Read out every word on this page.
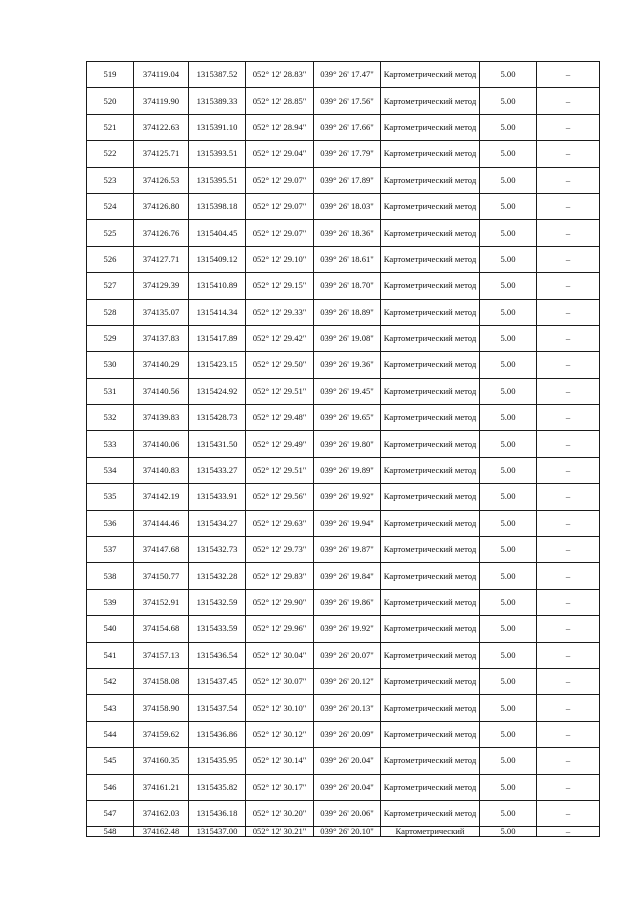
519	374119.04	1315387.52	052° 12' 28.83"	039° 26' 17.47"	Картометрический метод	5.00	–
520	374119.90	1315389.33	052° 12' 28.85"	039° 26' 17.56"	Картометрический метод	5.00	–
521	374122.63	1315391.10	052° 12' 28.94"	039° 26' 17.66"	Картометрический метод	5.00	–
522	374125.71	1315393.51	052° 12' 29.04"	039° 26' 17.79"	Картометрический метод	5.00	–
523	374126.53	1315395.51	052° 12' 29.07"	039° 26' 17.89"	Картометрический метод	5.00	–
524	374126.80	1315398.18	052° 12' 29.07"	039° 26' 18.03"	Картометрический метод	5.00	–
525	374126.76	1315404.45	052° 12' 29.07"	039° 26' 18.36"	Картометрический метод	5.00	–
526	374127.71	1315409.12	052° 12' 29.10"	039° 26' 18.61"	Картометрический метод	5.00	–
527	374129.39	1315410.89	052° 12' 29.15"	039° 26' 18.70"	Картометрический метод	5.00	–
528	374135.07	1315414.34	052° 12' 29.33"	039° 26' 18.89"	Картометрический метод	5.00	–
529	374137.83	1315417.89	052° 12' 29.42"	039° 26' 19.08"	Картометрический метод	5.00	–
530	374140.29	1315423.15	052° 12' 29.50"	039° 26' 19.36"	Картометрический метод	5.00	–
531	374140.56	1315424.92	052° 12' 29.51"	039° 26' 19.45"	Картометрический метод	5.00	–
532	374139.83	1315428.73	052° 12' 29.48"	039° 26' 19.65"	Картометрический метод	5.00	–
533	374140.06	1315431.50	052° 12' 29.49"	039° 26' 19.80"	Картометрический метод	5.00	–
534	374140.83	1315433.27	052° 12' 29.51"	039° 26' 19.89"	Картометрический метод	5.00	–
535	374142.19	1315433.91	052° 12' 29.56"	039° 26' 19.92"	Картометрический метод	5.00	–
536	374144.46	1315434.27	052° 12' 29.63"	039° 26' 19.94"	Картометрический метод	5.00	–
537	374147.68	1315432.73	052° 12' 29.73"	039° 26' 19.87"	Картометрический метод	5.00	–
538	374150.77	1315432.28	052° 12' 29.83"	039° 26' 19.84"	Картометрический метод	5.00	–
539	374152.91	1315432.59	052° 12' 29.90"	039° 26' 19.86"	Картометрический метод	5.00	–
540	374154.68	1315433.59	052° 12' 29.96"	039° 26' 19.92"	Картометрический метод	5.00	–
541	374157.13	1315436.54	052° 12' 30.04"	039° 26' 20.07"	Картометрический метод	5.00	–
542	374158.08	1315437.45	052° 12' 30.07"	039° 26' 20.12"	Картометрический метод	5.00	–
543	374158.90	1315437.54	052° 12' 30.10"	039° 26' 20.13"	Картометрический метод	5.00	–
544	374159.62	1315436.86	052° 12' 30.12"	039° 26' 20.09"	Картометрический метод	5.00	–
545	374160.35	1315435.95	052° 12' 30.14"	039° 26' 20.04"	Картометрический метод	5.00	–
546	374161.21	1315435.82	052° 12' 30.17"	039° 26' 20.04"	Картометрический метод	5.00	–
547	374162.03	1315436.18	052° 12' 30.20"	039° 26' 20.06"	Картометрический метод	5.00	–
548	374162.48	1315437.00	052° 12' 30.21"	039° 26' 20.10"	Картометрический	5.00	–
